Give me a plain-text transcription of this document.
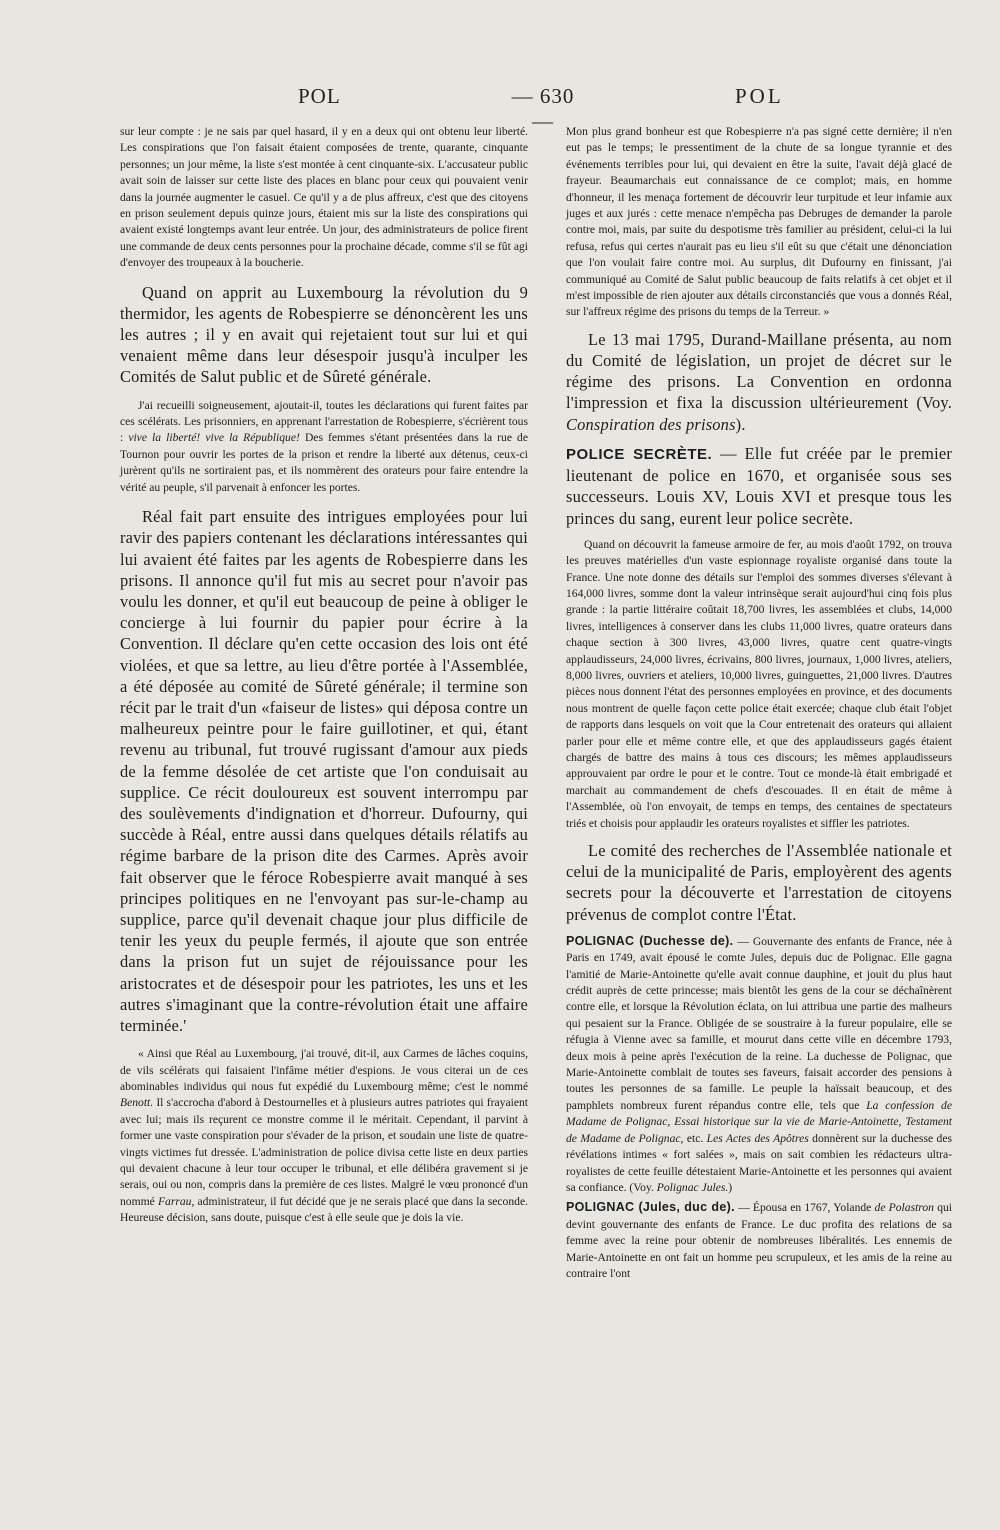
POL	— 630 —
POL

sur leur compte : je ne sais par quel hasard, il y en a deux qui ont obtenu leur liberté. Les conspirations que l'on faisait étaient composées de trente, quarante, cinquante personnes; un jour même, la liste s'est montée à cent cinquante-six. L'accusateur public avait soin de laisser sur cette liste des places en blanc pour ceux qui pouvaient venir dans la journée augmenter le casuel. Ce qu'il y a de plus affreux, c'est que des citoyens en prison seulement depuis quinze jours, étaient mis sur la liste des conspirations qui avaient existé longtemps avant leur entrée. Un jour, des administrateurs de police firent une commande de deux cents personnes pour la prochaine décade, comme s'il se fût agi d'envoyer des troupeaux à la boucherie.

Quand on apprit au Luxembourg la révolution du 9 thermidor, les agents de Robespierre se dénoncèrent les uns les autres ; il y en avait qui rejetaient tout sur lui et qui venaient même dans leur désespoir jusqu'à inculper les Comités de Salut public et de Sûreté générale.

J'ai recueilli soigneusement, ajoutait-il, toutes les déclarations qui furent faites par ces scélérats. Les prisonniers, en apprenant l'arrestation de Robespierre, s'écrièrent tous : vive la liberté! vive la République! Des femmes s'étant présentées dans la rue de Tournon pour ouvrir les portes de la prison et rendre la liberté aux détenus, ceux-ci jurèrent qu'ils ne sortiraient pas, et ils nommèrent des orateurs pour faire entendre la vérité au peuple, s'il parvenait à enfoncer les portes.

Réal fait part ensuite des intrigues employées pour lui ravir des papiers contenant les déclarations intéressantes qui lui avaient été faites par les agents de Robespierre dans les prisons. Il annonce qu'il fut mis au secret pour n'avoir pas voulu les donner, et qu'il eut beaucoup de peine à obliger le concierge à lui fournir du papier pour écrire à la Convention. Il déclare qu'en cette occasion des lois ont été violées, et que sa lettre, au lieu d'être portée à l'Assemblée, a été déposée au comité de Sûreté générale; il termine son récit par le trait d'un «faiseur de listes» qui déposa contre un malheureux peintre pour le faire guillotiner, et qui, étant revenu au tribunal, fut trouvé rugissant d'amour aux pieds de la femme désolée de cet artiste que l'on conduisait au supplice. Ce récit douloureux est souvent interrompu par des soulèvements d'indignation et d'horreur. Dufourny, qui succède à Réal, entre aussi dans quelques détails rélatifs au régime barbare de la prison dite des Carmes. Après avoir fait observer que le féroce Robespierre avait manqué à ses principes politiques en ne l'envoyant pas sur-le-champ au supplice, parce qu'il devenait chaque jour plus difficile de tenir les yeux du peuple fermés, il ajoute que son entrée dans la prison fut un sujet de réjouissance pour les aristocrates et de désespoir pour les patriotes, les uns et les autres s'imaginant que la contre-révolution était une affaire terminée.'

« Ainsi que Réal au Luxembourg, j'ai trouvé, dit-il, aux Carmes de lâches coquins, de vils scélérats qui faisaient l'infâme métier d'espions. Je vous citerai un de ces abominables individus qui nous fut expédié du Luxembourg même; c'est le nommé Benott. Il s'accrocha d'abord à Destournelles et à plusieurs autres patriotes qui frayaient avec lui; mais ils reçurent ce monstre comme il le méritait. Cependant, il parvint à former une vaste conspiration pour s'évader de la prison, et soudain une liste de quatre-vingts victimes fut dressée. L'administration de police divisa cette liste en deux parties qui devaient chacune à leur tour occuper le tribunal, et elle délibéra gravement si je serais, oui ou non, compris dans la première de ces listes. Malgré le vœu prononcé d'un nommé Farrau, administrateur, il fut décidé que je ne serais placé que dans la seconde. Heureuse décision, sans doute, puisque c'est à elle seule que je dois la vie.

Mon plus grand bonheur est que Robespierre n'a pas signé cette dernière; il n'en eut pas le temps; le pressentiment de la chute de sa longue tyrannie et des événements terribles pour lui, qui devaient en être la suite, l'avait déjà glacé de frayeur. Beaumarchais eut connaissance de ce complot; mais, en homme d'honneur, il les menaça fortement de découvrir leur turpitude et leur infamie aux juges et aux jurés : cette menace n'empêcha pas Debruges de demander la parole contre moi, mais, par suite du despotisme très familier au président, celui-ci la lui refusa, refus qui certes n'aurait pas eu lieu s'il eût su que c'était une dénonciation que l'on voulait faire contre moi. Au surplus, dit Dufourny en finissant, j'ai communiqué au Comité de Salut public beaucoup de faits relatifs à cet objet et il m'est impossible de rien ajouter aux détails circonstanciés que vous a donnés Réal, sur l'affreux régime des prisons du temps de la Terreur. »

Le 13 mai 1795, Durand-Maillane présenta, au nom du Comité de législation, un projet de décret sur le régime des prisons. La Convention en ordonna l'impression et fixa la discussion ultérieurement (Voy. Conspiration des prisons).

POLICE SECRÈTE. — Elle fut créée par le premier lieutenant de police en 1670, et organisée sous ses successeurs. Louis XV, Louis XVI et presque tous les princes du sang, eurent leur police secrète.

Quand on découvrit la fameuse armoire de fer, au mois d'août 1792, on trouva les preuves matérielles d'un vaste espionnage royaliste organisé dans toute la France. Une note donne des détails sur l'emploi des sommes diverses s'élevant à 164,000 livres, somme dont la valeur intrinsèque serait aujourd'hui cinq fois plus grande : la partie littéraire coûtait 18,700 livres, les assemblées et clubs, 14,000 livres, intelligences à conserver dans les clubs 11,000 livres, quatre orateurs dans chaque section à 300 livres, 43,000 livres, quatre cent quatre-vingts applaudisseurs, 24,000 livres, écrivains, 800 livres, journaux, 1,000 livres, ateliers, 8,000 livres, ouvriers et ateliers, 10,000 livres, guinguettes, 21,000 livres. D'autres pièces nous donnent l'état des personnes employées en province, et des documents nous montrent de quelle façon cette police était exercée; chaque club était l'objet de rapports dans lesquels on voit que la Cour entretenait des orateurs qui allaient parler pour elle et même contre elle, et que des applaudisseurs gagés étaient chargés de battre des mains à tous ces discours; les mêmes applaudisseurs approuvaient par ordre le pour et le contre. Tout ce monde-là était embrigadé et marchait au commandement de chefs d'escouades. Il en était de même à l'Assemblée, où l'on envoyait, de temps en temps, des centaines de spectateurs triés et choisis pour applaudir les orateurs royalistes et siffler les patriotes.

Le comité des recherches de l'Assemblée nationale et celui de la municipalité de Paris, employèrent des agents secrets pour la découverte et l'arrestation de citoyens prévenus de complot contre l'État.

POLIGNAC (Duchesse de). — Gouvernante des enfants de France, née à Paris en 1749, avait épousé le comte Jules, depuis duc de Polignac. Elle gagna l'amitié de Marie-Antoinette qu'elle avait connue dauphine, et jouit du plus haut crédit auprès de cette princesse; mais bientôt les gens de la cour se déchaînèrent contre elle, et lorsque la Révolution éclata, on lui attribua une partie des malheurs qui pesaient sur la France. Obligée de se soustraire à la fureur populaire, elle se réfugia à Vienne avec sa famille, et mourut dans cette ville en décembre 1793, deux mois à peine après l'exécution de la reine. La duchesse de Polignac, que Marie-Antoinette comblait de toutes ses faveurs, faisait accorder des pensions à toutes les personnes de sa famille. Le peuple la haïssait beaucoup, et des pamphlets nombreux furent répandus contre elle, tels que La confession de Madame de Polignac, Essai historique sur la vie de Marie-Antoinette, Testament de Madame de Polignac, etc. Les Actes des Apôtres donnèrent sur la duchesse des révélations intimes « fort salées », mais on sait combien les rédacteurs ultra-royalistes de cette feuille détestaient Marie-Antoinette et les personnes qui avaient sa confiance. (Voy. Polignac Jules.)

POLIGNAC (Jules, duc de). — Épousa en 1767, Yolande de Polastron qui devint gouvernante des enfants de France. Le duc profita des relations de sa femme avec la reine pour obtenir de nombreuses libéralités. Les ennemis de Marie-Antoinette en ont fait un homme peu scrupuleux, et les amis de la reine au contraire l'ont
